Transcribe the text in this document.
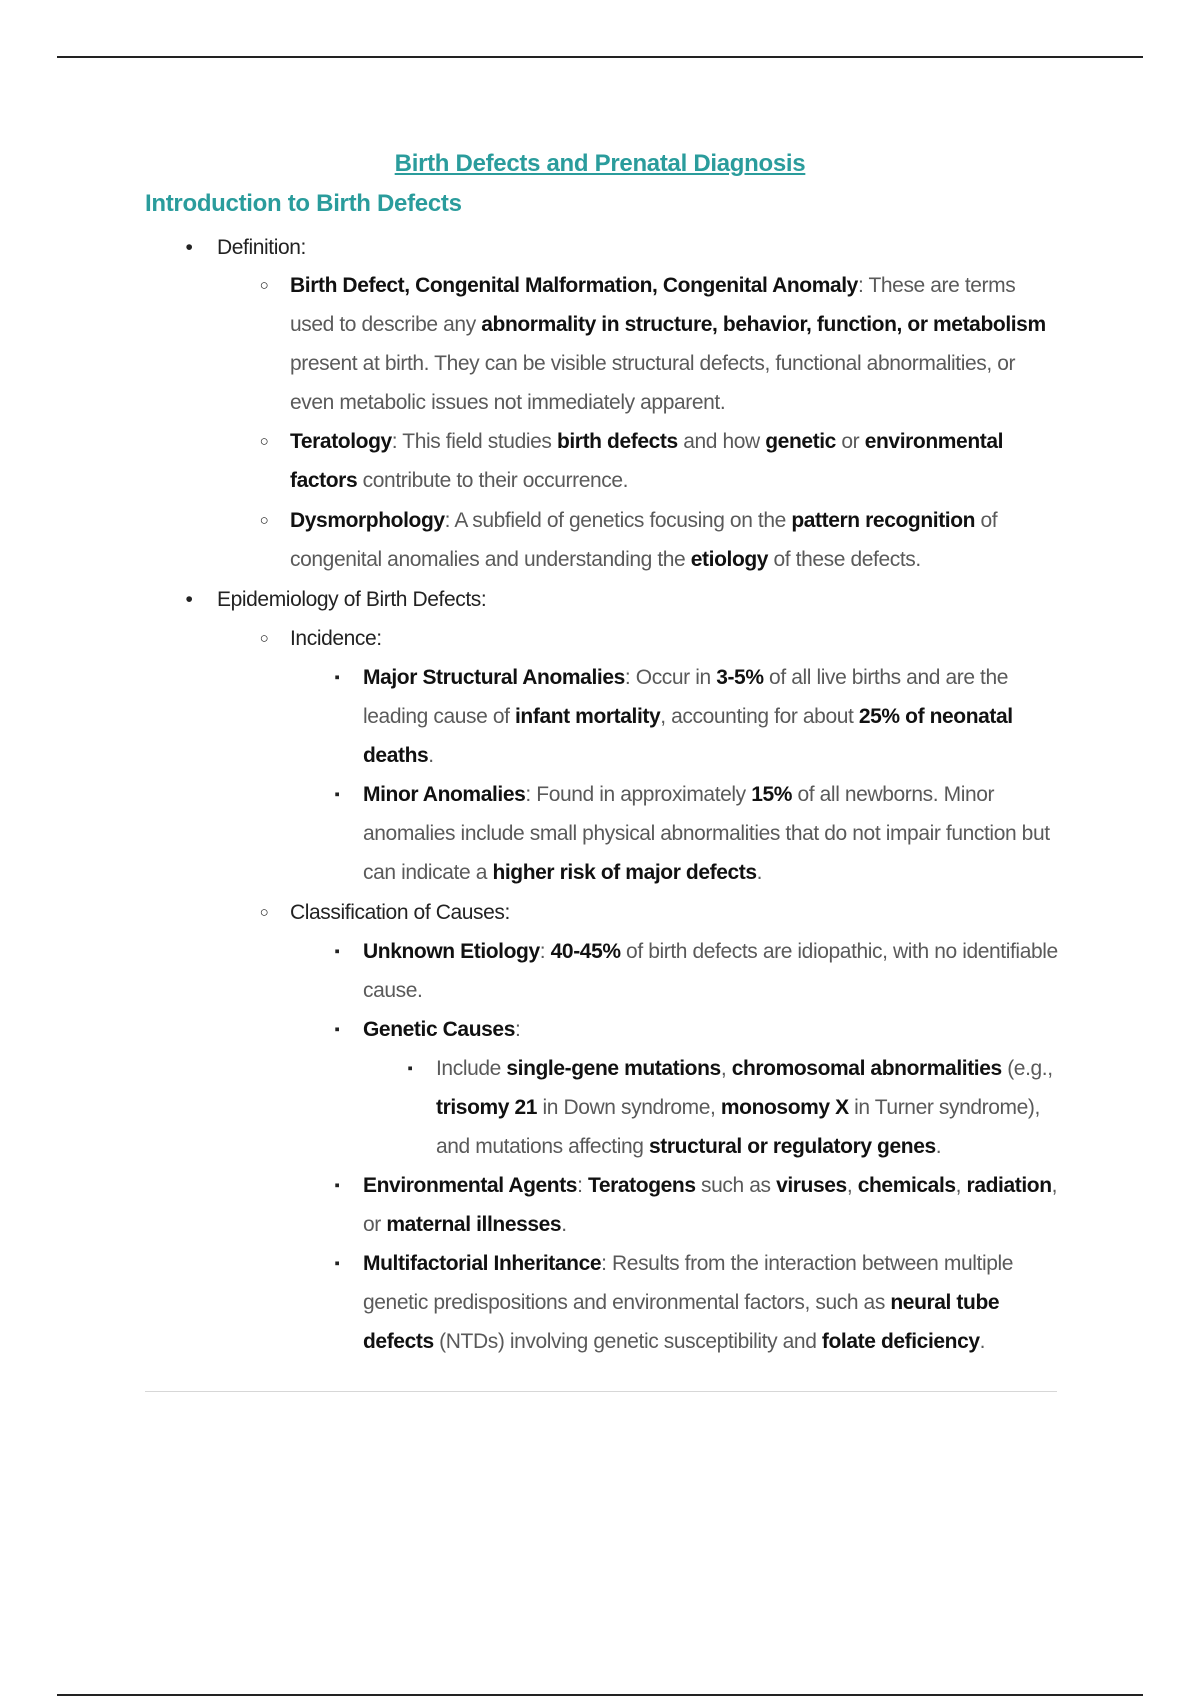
Birth Defects and Prenatal Diagnosis
Introduction to Birth Defects
•	Definition:
○ Birth Defect, Congenital Malformation, Congenital Anomaly: These are terms used to describe any abnormality in structure, behavior, function, or metabolism present at birth. They can be visible structural defects, functional abnormalities, or even metabolic issues not immediately apparent.
○ Teratology: This field studies birth defects and how genetic or environmental factors contribute to their occurrence.
○ Dysmorphology: A subfield of genetics focusing on the pattern recognition of congenital anomalies and understanding the etiology of these defects.
•	Epidemiology of Birth Defects:
○ Incidence:
▪	Major Structural Anomalies: Occur in 3-5% of all live births and are the leading cause of infant mortality, accounting for about 25% of neonatal deaths.
▪	Minor Anomalies: Found in approximately 15% of all newborns. Minor anomalies include small physical abnormalities that do not impair function but can indicate a higher risk of major defects.
○ Classification of Causes:
▪	Unknown Etiology: 40-45% of birth defects are idiopathic, with no identifiable cause.
▪	Genetic Causes:
▪	Include single-gene mutations, chromosomal abnormalities (e.g., trisomy 21 in Down syndrome, monosomy X in Turner syndrome), and mutations affecting structural or regulatory genes.
▪	Environmental Agents: Teratogens such as viruses, chemicals, radiation, or maternal illnesses.
▪	Multifactorial Inheritance: Results from the interaction between multiple genetic predispositions and environmental factors, such as neural tube defects (NTDs) involving genetic susceptibility and folate deficiency.
